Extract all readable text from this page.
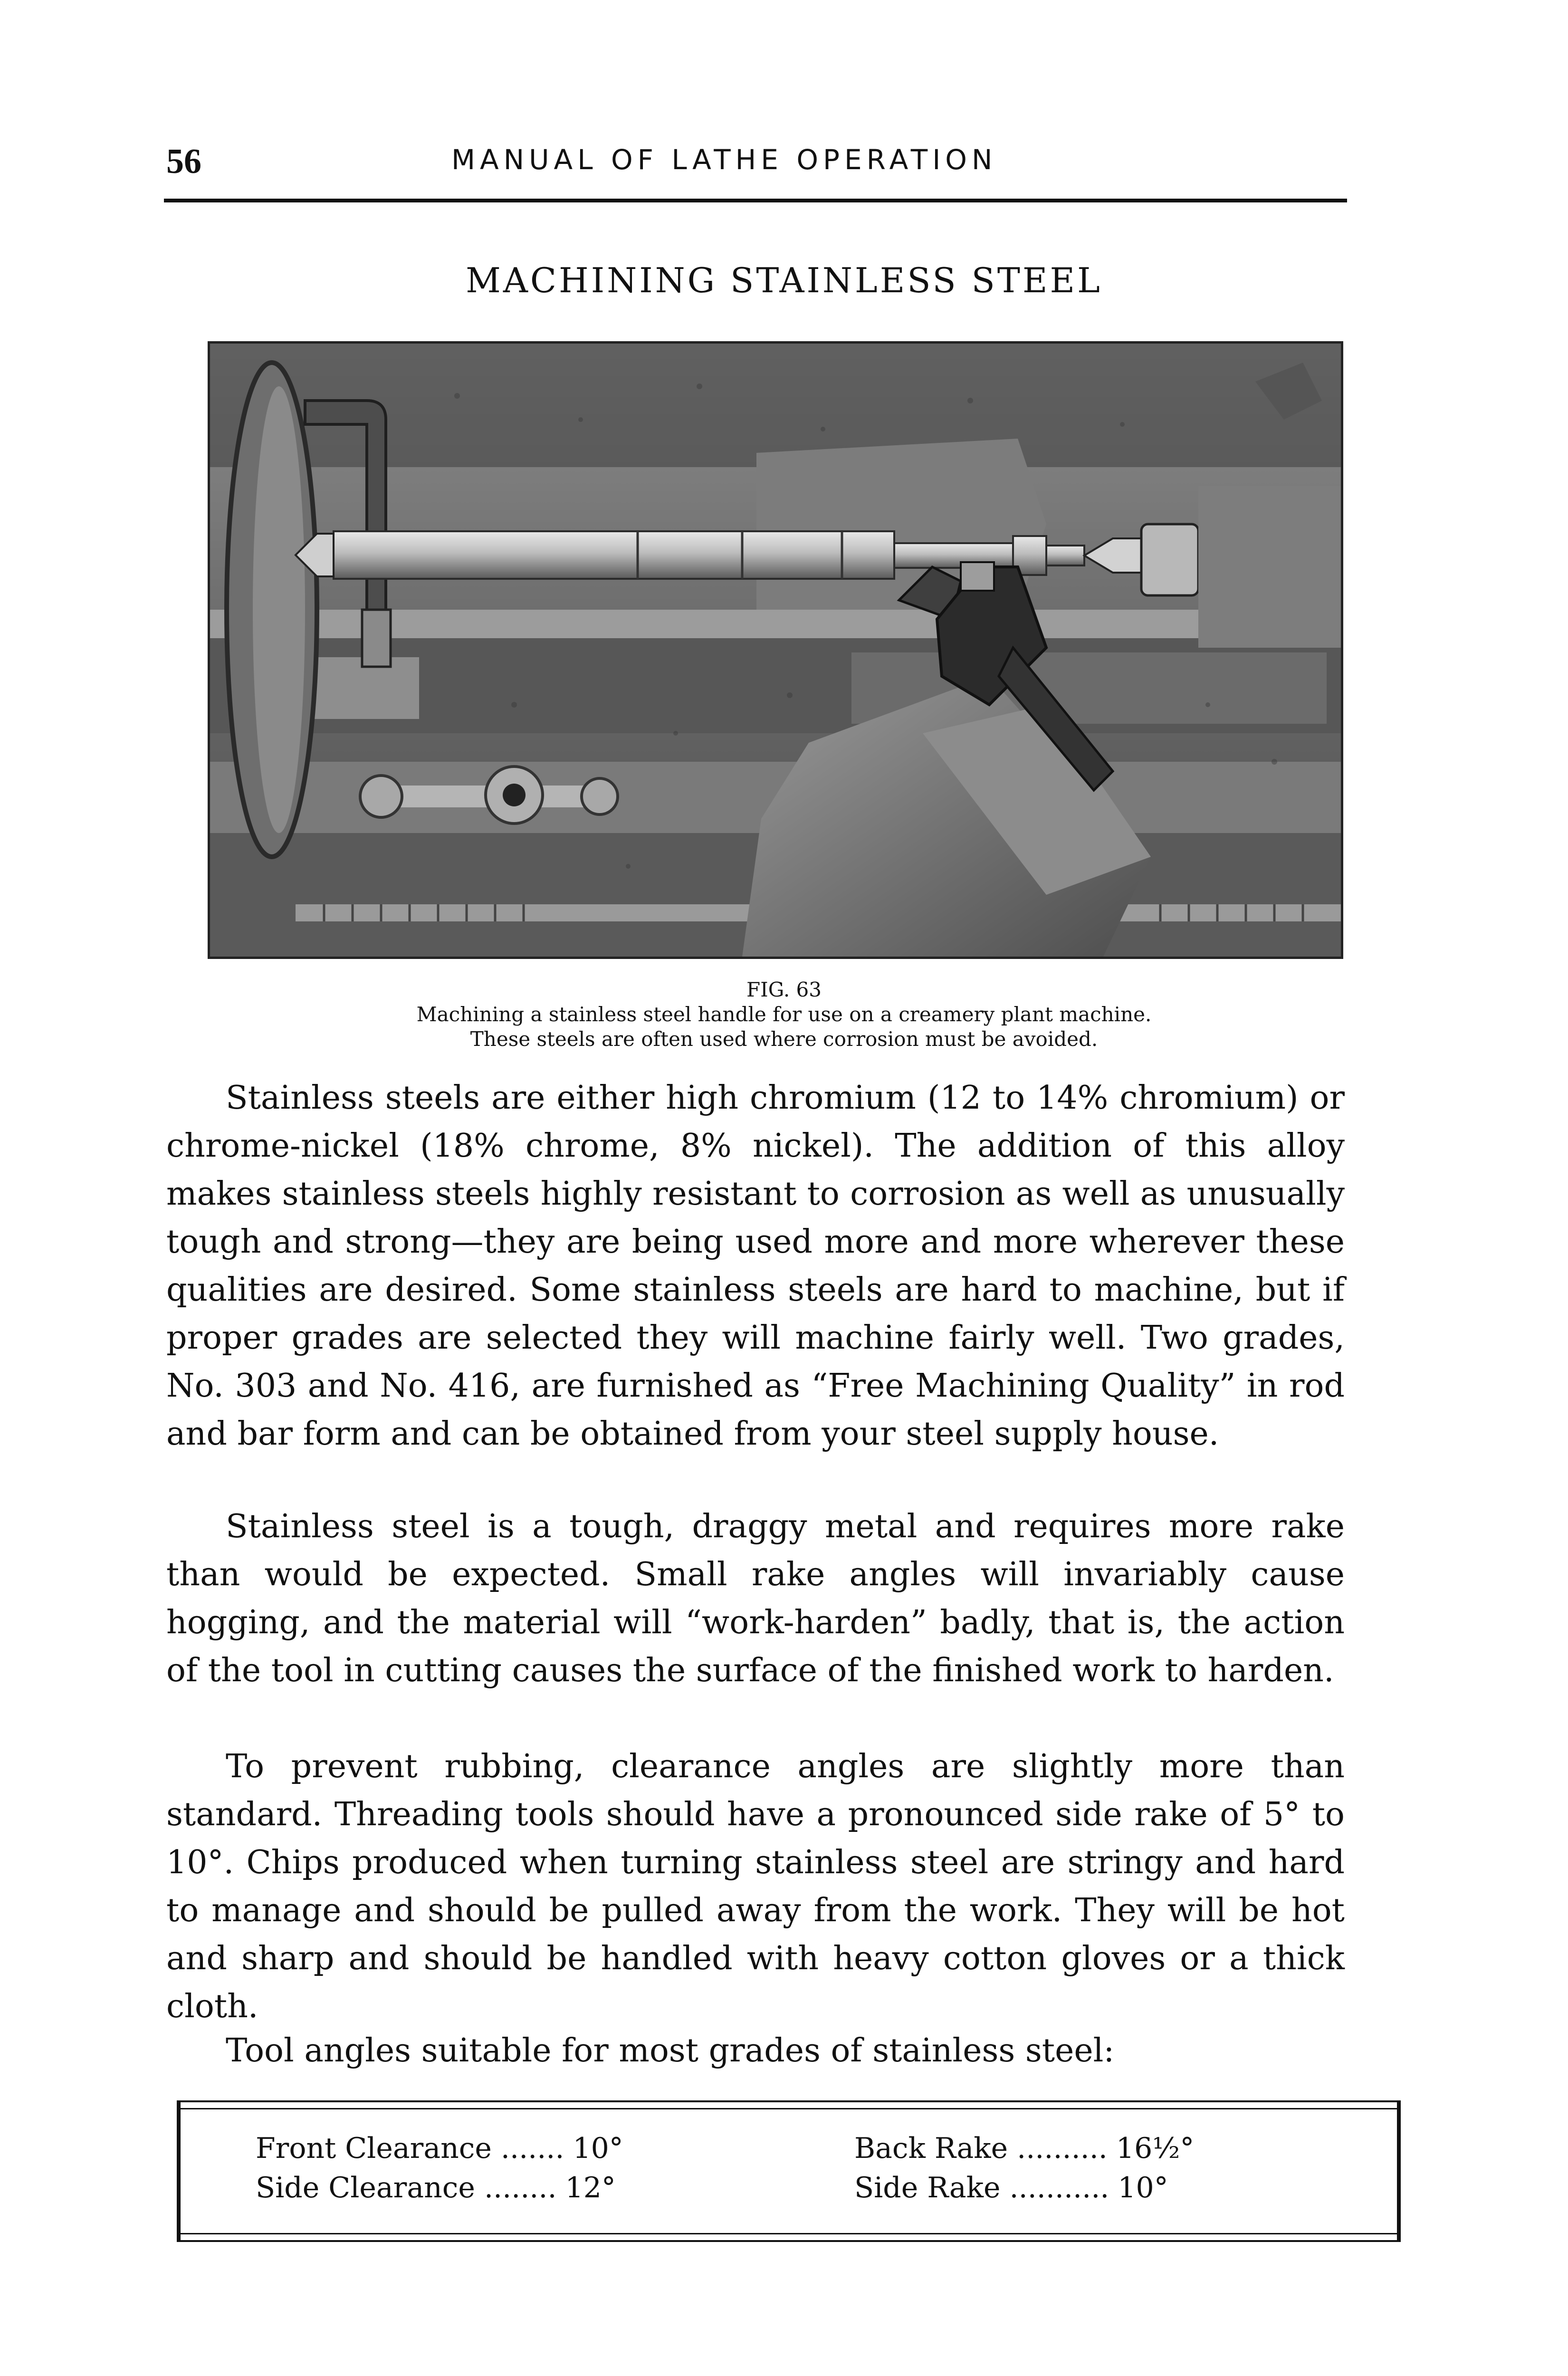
56	MANUAL OF LATHE OPERATION
MACHINING STAINLESS STEEL
FIG. 63
Machining a stainless steel handle for use on a creamery plant machine.
These steels are often used where corrosion must be avoided.

Stainless steels are either high chromium (12 to 14% chromium) or chrome-nickel (18% chrome, 8% nickel). The addition of this alloy makes stainless steels highly resistant to corrosion as well as unusually tough and strong—they are being used more and more wherever these qualities are desired. Some stainless steels are hard to machine, but if proper grades are selected they will machine fairly well. Two grades, No. 303 and No. 416, are furnished as “Free Machining Quality” in rod and bar form and can be obtained from your steel supply house.

Stainless steel is a tough, draggy metal and requires more rake than would be expected. Small rake angles will invariably cause hogging, and the material will “work-harden” badly, that is, the action of the tool in cutting causes the surface of the finished work to harden.

To prevent rubbing, clearance angles are slightly more than standard. Threading tools should have a pronounced side rake of 5° to 10°. Chips produced when turning stainless steel are stringy and hard to manage and should be pulled away from the work. They will be hot and sharp and should be handled with heavy cotton gloves or a thick cloth.

Tool angles suitable for most grades of stainless steel:

Front Clearance ....... 10°
Side Clearance ........ 12°
Back Rake .......... 16½°
Side Rake ........... 10°
